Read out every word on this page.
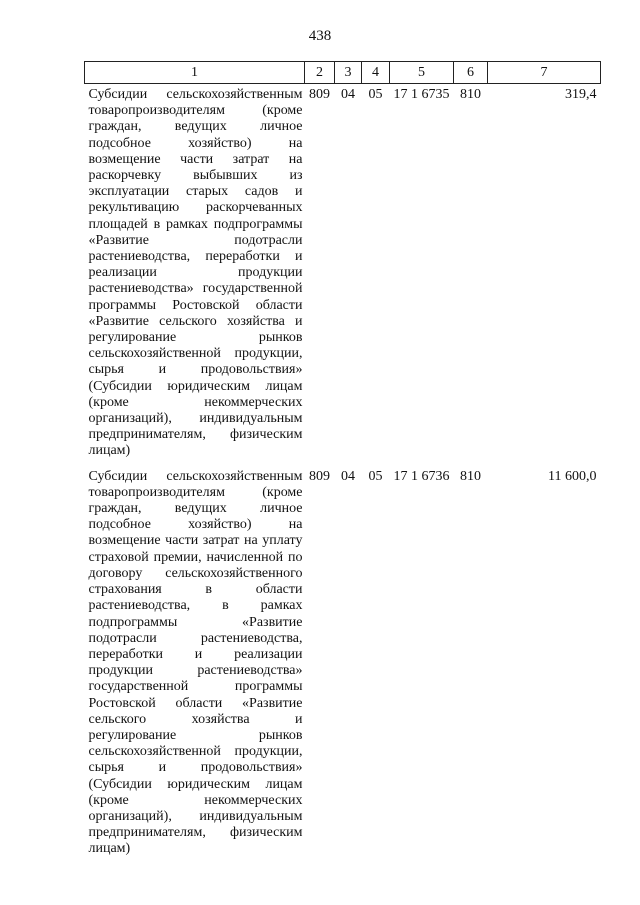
438
1	2	3	4	5	6	7
Субсидии сельскохозяйственным товаропроизводителям (кроме граждан, ведущих личное подсобное хозяйство) на возмещение части затрат на раскорчевку выбывших из эксплуатации старых садов и рекультивацию раскорчеванных площадей в рамках подпрограммы «Развитие подотрасли растениеводства, переработки и реализации продукции растениеводства» государственной программы Ростовской области «Развитие сельского хозяйства и регулирование рынков сельскохозяйственной продукции, сырья и продовольствия» (Субсидии юридическим лицам (кроме некоммерческих организаций), индивидуальным предпринимателям, физическим лицам)	809	04	05	17 1 6735	810	319,4
Субсидии сельскохозяйственным товаропроизводителям (кроме граждан, ведущих личное подсобное хозяйство) на возмещение части затрат на уплату страховой премии, начисленной по договору сельскохозяйственного страхования в области растениеводства, в рамках подпрограммы «Развитие подотрасли растениеводства, переработки и реализации продукции растениеводства» государственной программы Ростовской области «Развитие сельского хозяйства и регулирование рынков сельскохозяйственной продукции, сырья и продовольствия» (Субсидии юридическим лицам (кроме некоммерческих организаций), индивидуальным предпринимателям, физическим лицам)	809	04	05	17 1 6736	810	11 600,0
